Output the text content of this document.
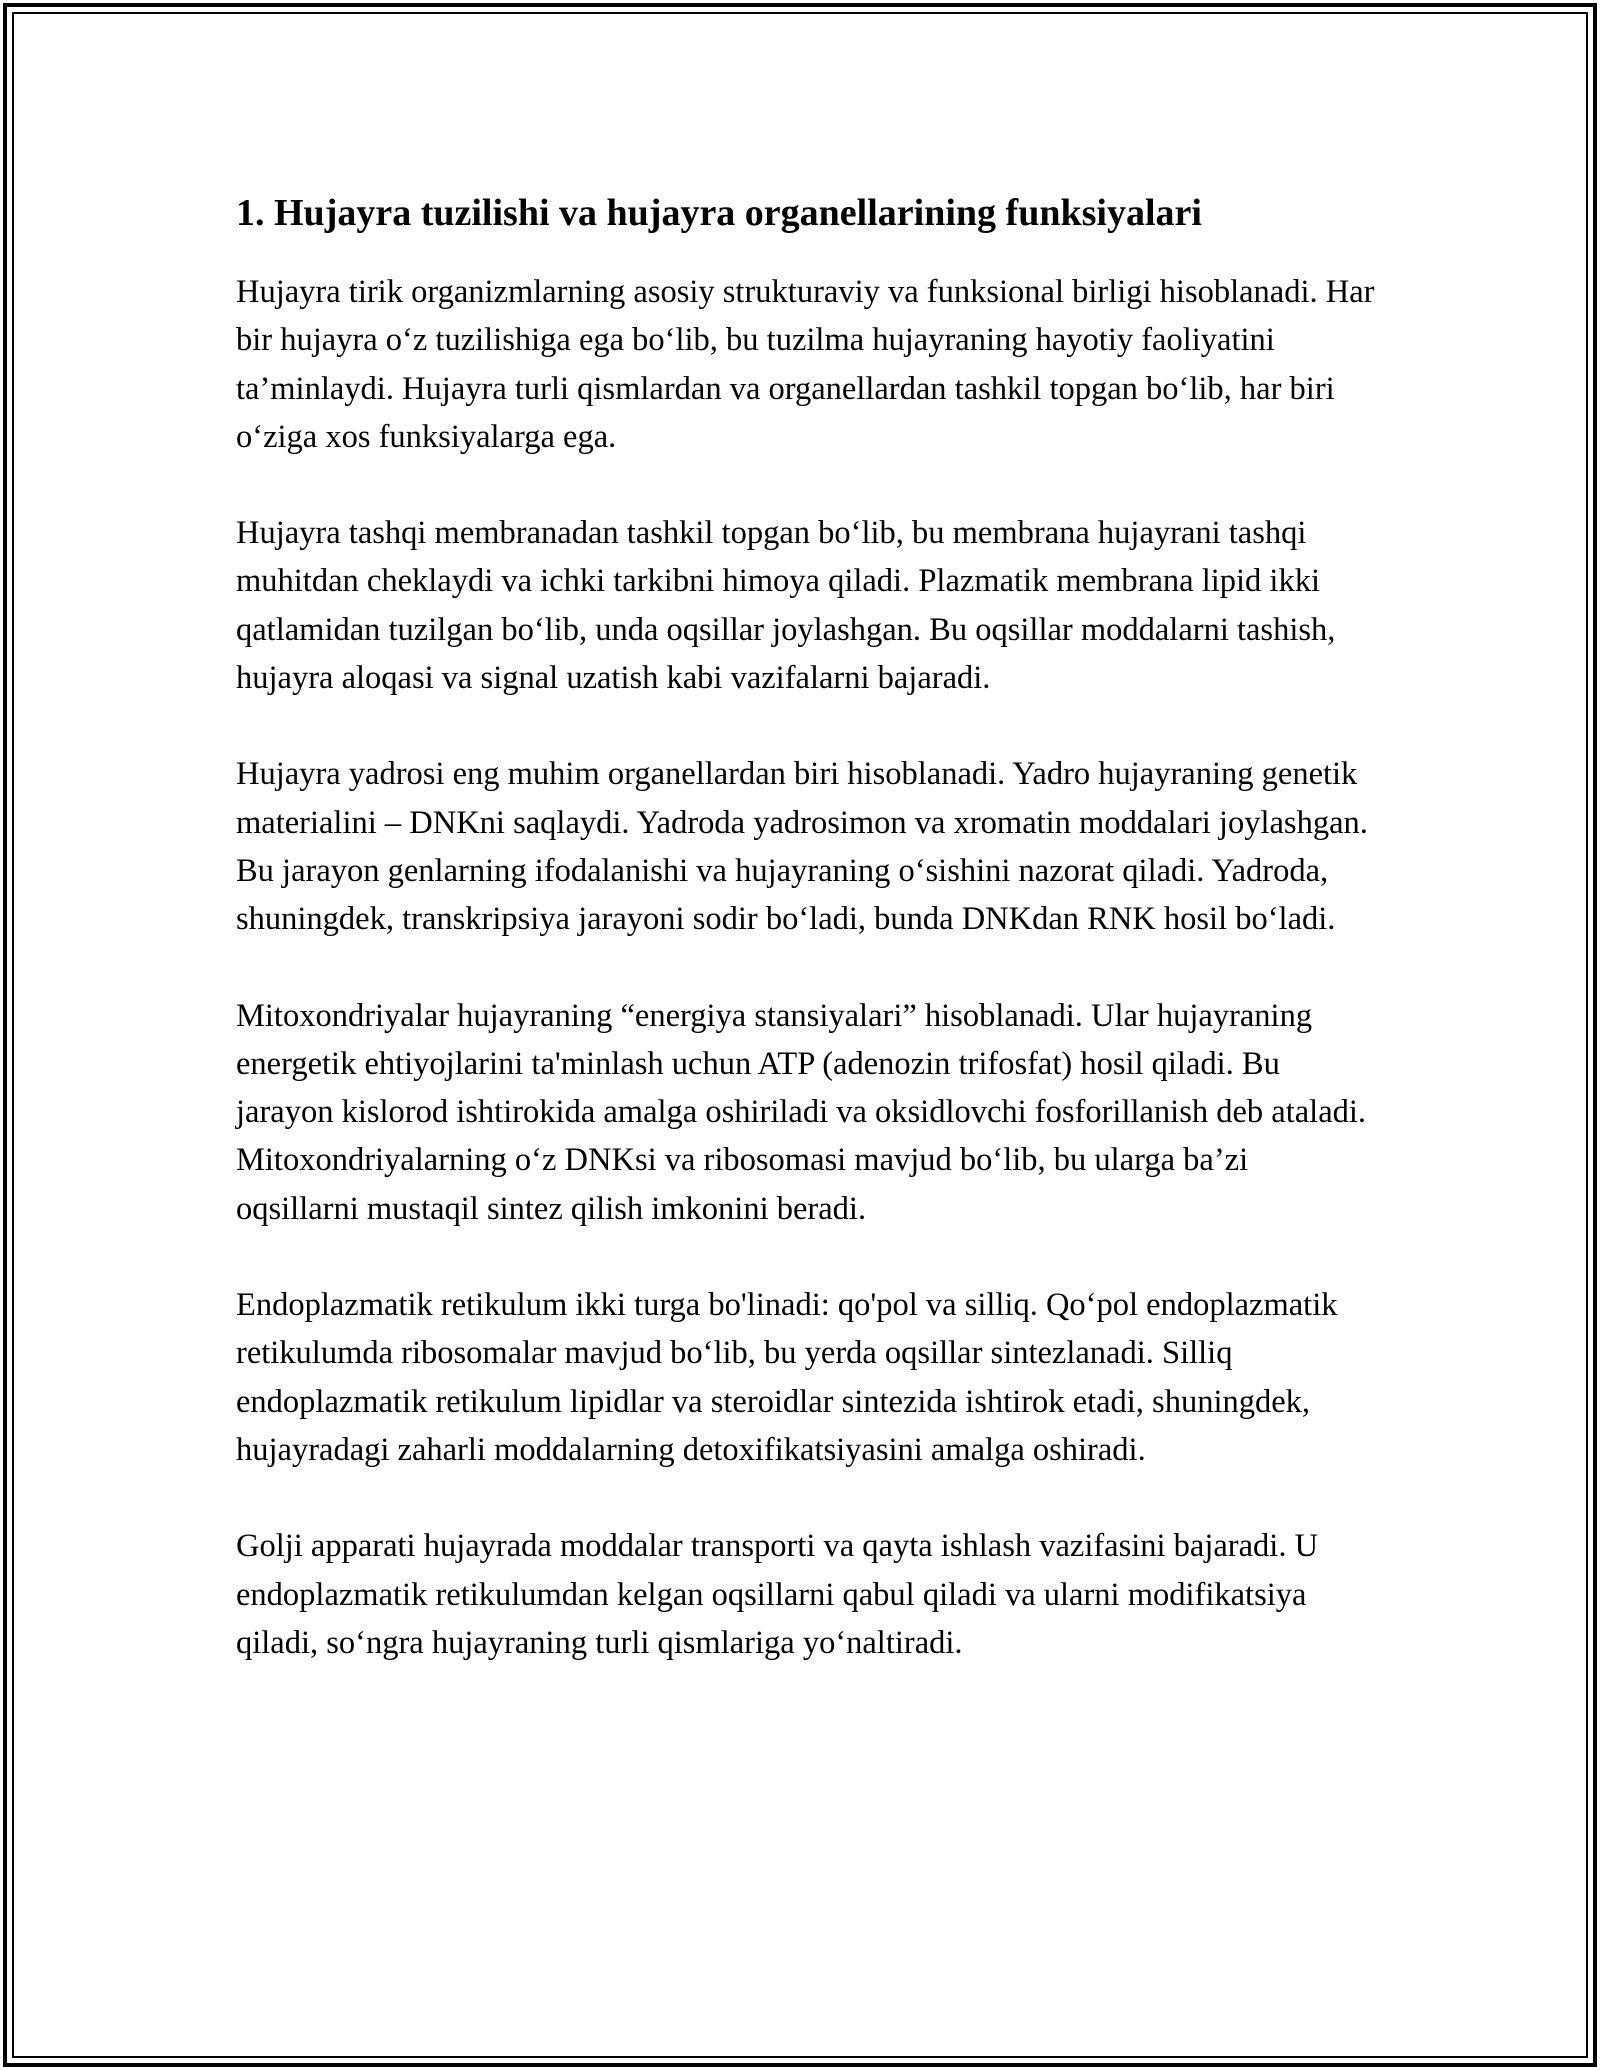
1. Hujayra tuzilishi va hujayra organellarining funksiyalari

Hujayra tirik organizmlarning asosiy strukturaviy va funksional birligi hisoblanadi. Har bir hujayra o‘z tuzilishiga ega bo‘lib, bu tuzilma hujayraning hayotiy faoliyatini ta’minlaydi. Hujayra turli qismlardan va organellardan tashkil topgan bo‘lib, har biri o‘ziga xos funksiyalarga ega.

Hujayra tashqi membranadan tashkil topgan bo‘lib, bu membrana hujayrani tashqi muhitdan cheklaydi va ichki tarkibni himoya qiladi. Plazmatik membrana lipid ikki qatlamidan tuzilgan bo‘lib, unda oqsillar joylashgan. Bu oqsillar moddalarni tashish, hujayra aloqasi va signal uzatish kabi vazifalarni bajaradi.

Hujayra yadrosi eng muhim organellardan biri hisoblanadi. Yadro hujayraning genetik materialini – DNKni saqlaydi. Yadroda yadrosimon va xromatin moddalari joylashgan. Bu jarayon genlarning ifodalanishi va hujayraning o‘sishini nazorat qiladi. Yadroda, shuningdek, transkripsiya jarayoni sodir bo‘ladi, bunda DNKdan RNK hosil bo‘ladi.

Mitoxondriyalar hujayraning “energiya stansiyalari” hisoblanadi. Ular hujayraning energetik ehtiyojlarini ta'minlash uchun ATP (adenozin trifosfat) hosil qiladi. Bu jarayon kislorod ishtirokida amalga oshiriladi va oksidlovchi fosforillanish deb ataladi. Mitoxondriyalarning o‘z DNKsi va ribosomasi mavjud bo‘lib, bu ularga ba’zi oqsillarni mustaqil sintez qilish imkonini beradi.

Endoplazmatik retikulum ikki turga bo'linadi: qo'pol va silliq. Qo‘pol endoplazmatik retikulumda ribosomalar mavjud bo‘lib, bu yerda oqsillar sintezlanadi. Silliq endoplazmatik retikulum lipidlar va steroidlar sintezida ishtirok etadi, shuningdek, hujayradagi zaharli moddalarning detoxifikatsiyasini amalga oshiradi.

Golji apparati hujayrada moddalar transporti va qayta ishlash vazifasini bajaradi. U endoplazmatik retikulumdan kelgan oqsillarni qabul qiladi va ularni modifikatsiya qiladi, so‘ngra hujayraning turli qismlariga yo‘naltiradi.
